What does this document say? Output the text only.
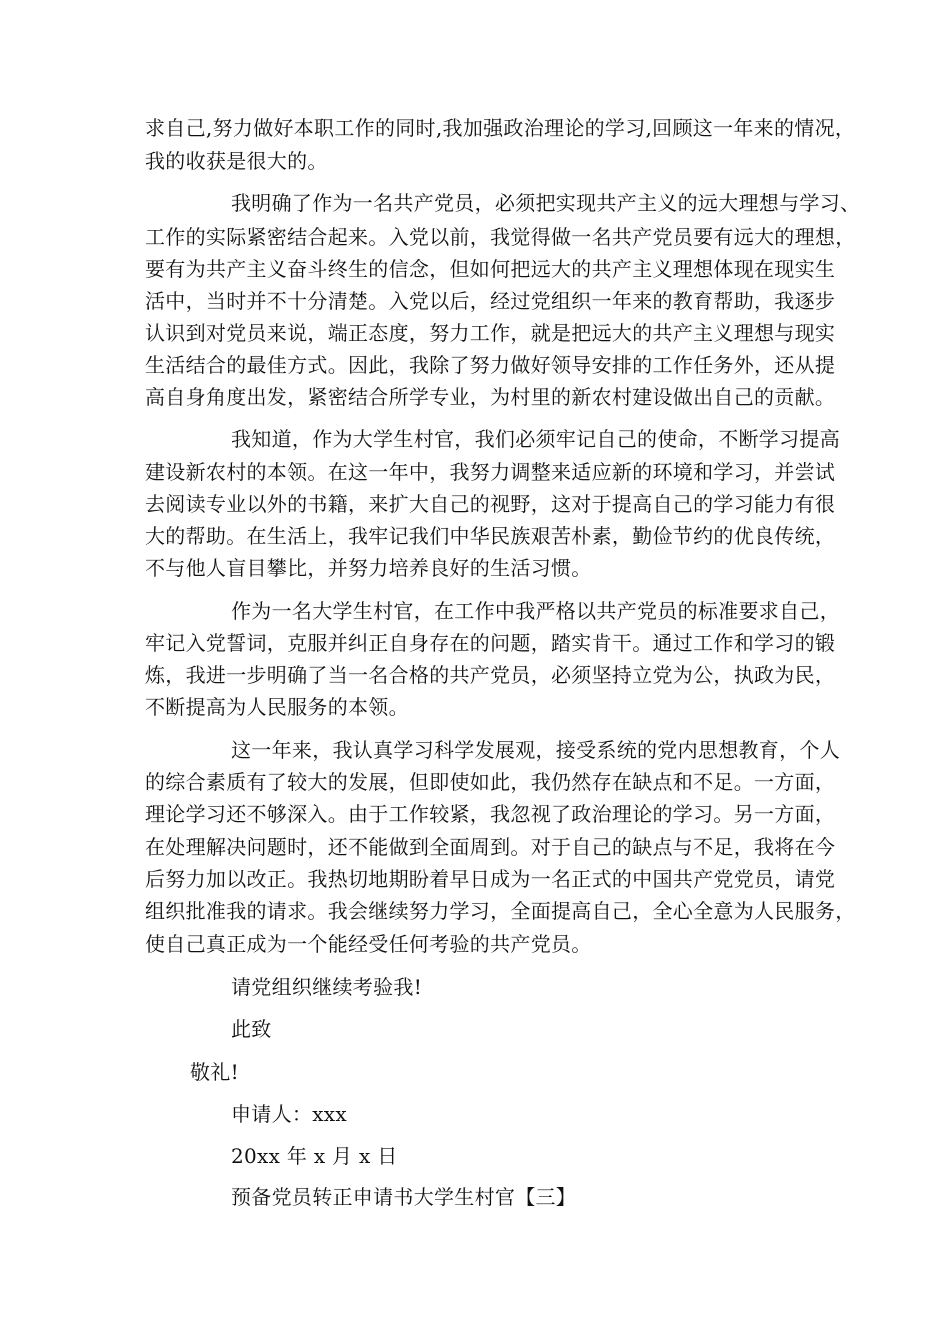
求自己,努力做好本职工作的同时,我加强政治理论的学习,回顾这一年来的情况，
我的收获是很大的。
我明确了作为一名共产党员，必须把实现共产主义的远大理想与学习、
工作的实际紧密结合起来。入党以前，我觉得做一名共产党员要有远大的理想，
要有为共产主义奋斗终生的信念，但如何把远大的共产主义理想体现在现实生
活中，当时并不十分清楚。入党以后，经过党组织一年来的教育帮助，我逐步
认识到对党员来说，端正态度，努力工作，就是把远大的共产主义理想与现实
生活结合的最佳方式。因此，我除了努力做好领导安排的工作任务外，还从提
高自身角度出发，紧密结合所学专业，为村里的新农村建设做出自己的贡献。
我知道，作为大学生村官，我们必须牢记自己的使命，不断学习提高
建设新农村的本领。在这一年中，我努力调整来适应新的环境和学习，并尝试
去阅读专业以外的书籍，来扩大自己的视野，这对于提高自己的学习能力有很
大的帮助。在生活上，我牢记我们中华民族艰苦朴素，勤俭节约的优良传统，
不与他人盲目攀比，并努力培养良好的生活习惯。
作为一名大学生村官，在工作中我严格以共产党员的标准要求自己，
牢记入党誓词，克服并纠正自身存在的问题，踏实肯干。通过工作和学习的锻
炼，我进一步明确了当一名合格的共产党员，必须坚持立党为公，执政为民，
不断提高为人民服务的本领。
这一年来，我认真学习科学发展观，接受系统的党内思想教育，个人
的综合素质有了较大的发展，但即使如此，我仍然存在缺点和不足。一方面，
理论学习还不够深入。由于工作较紧，我忽视了政治理论的学习。另一方面，
在处理解决问题时，还不能做到全面周到。对于自己的缺点与不足，我将在今
后努力加以改正。我热切地期盼着早日成为一名正式的中国共产党党员，请党
组织批准我的请求。我会继续努力学习，全面提高自己，全心全意为人民服务，
使自己真正成为一个能经受任何考验的共产党员。
请党组织继续考验我!
此致
敬礼!
申请人：xxx
20xx 年 x 月 x 日
预备党员转正申请书大学生村官【三】
